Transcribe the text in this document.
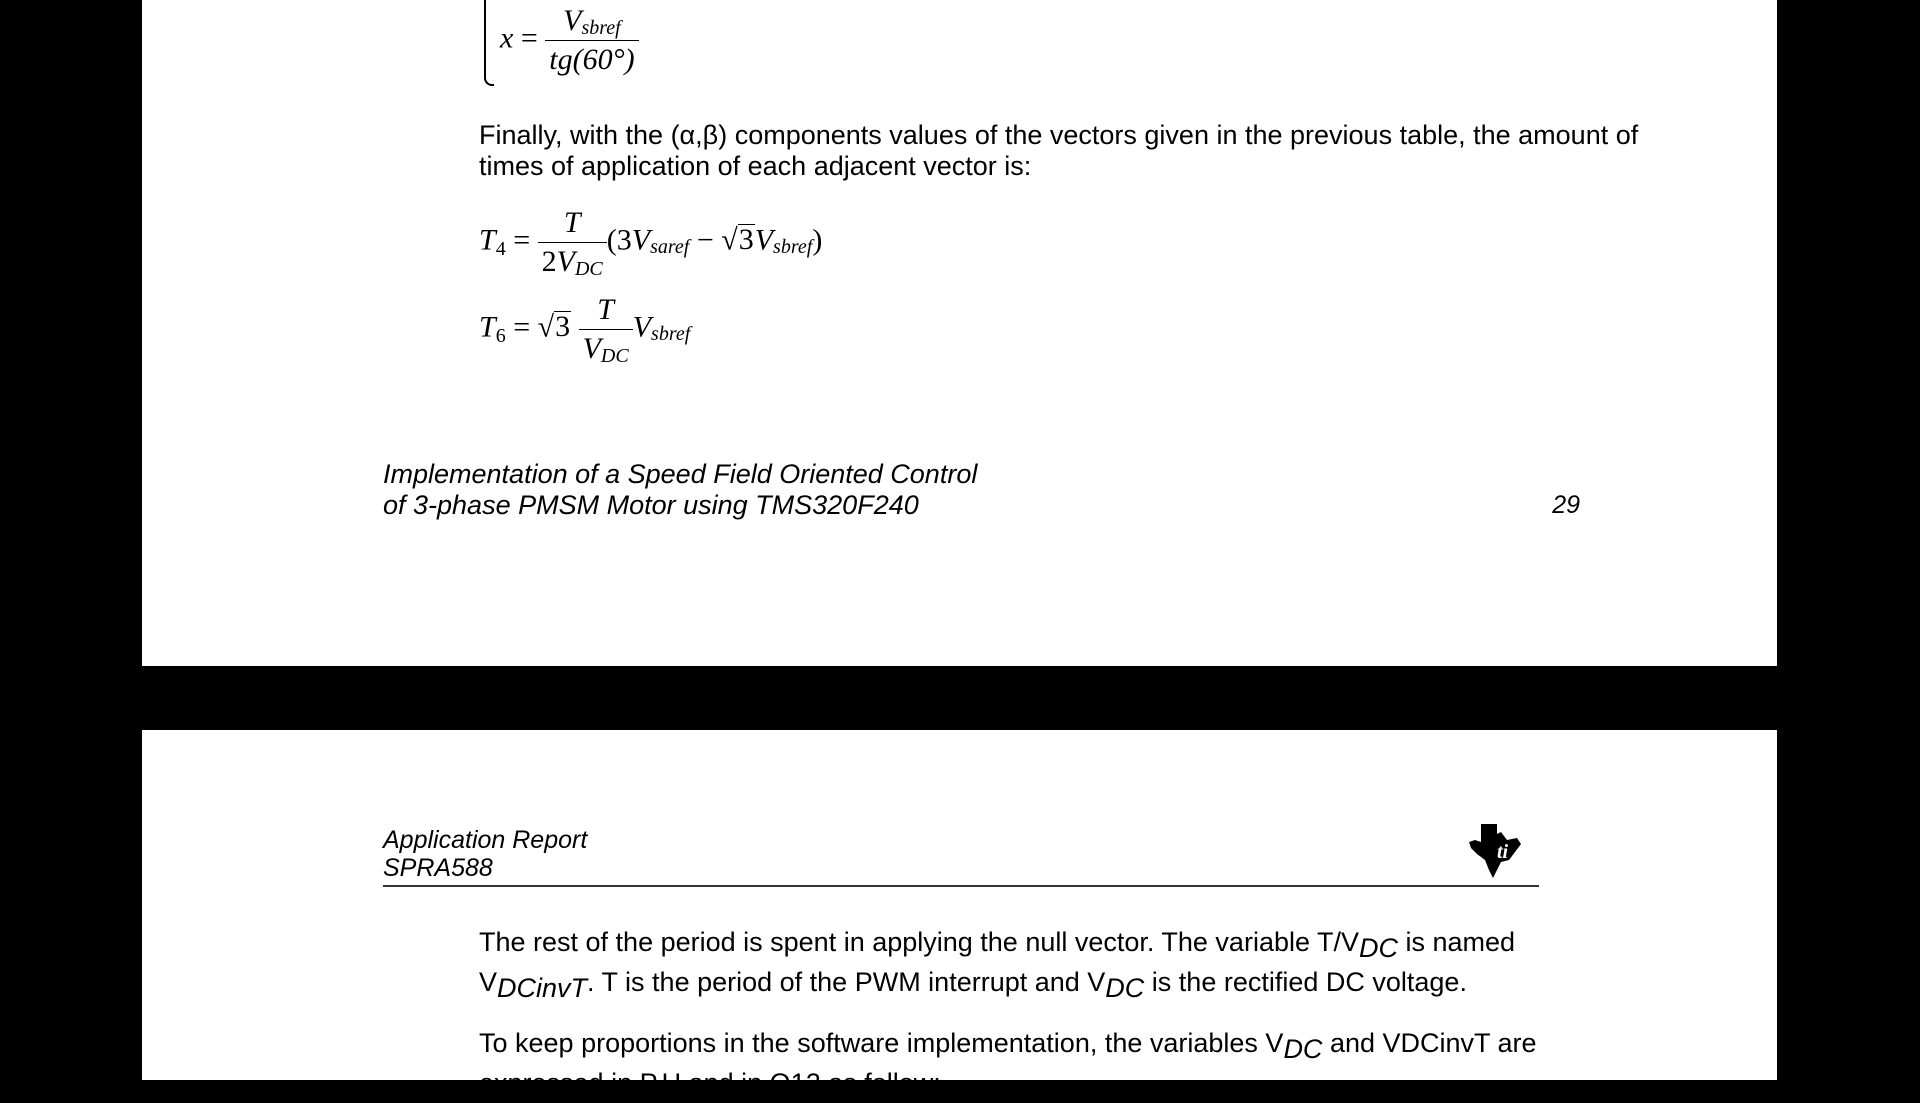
$x = \frac{\text{Vsbref}}{tg(60^\circ)}$

Finally, with the (α,β) components values of the vectors given in the previous table, the amount of times of application of each adjacent vector is:

$T_4 = \frac{T}{\text{2VDC}}$ (3Vsaref − √3Vsbref)
$T_6 = √3 \frac{T}{\text{VDC}}$ Vsbref
Implementation of a Speed Field Oriented Control
of 3-phase PMSM Motor using TMS320F240	29
Application Report
SPRA588
ti

The rest of the period is spent in applying the null vector. The variable T/VDC is named
VDCinvT. T is the period of the PWM interrupt and VDC is the rectified DC voltage.

To keep proportions in the software implementation, the variables VDC and VDCinvT are
expressed in P.U and in Q12 as follow:
